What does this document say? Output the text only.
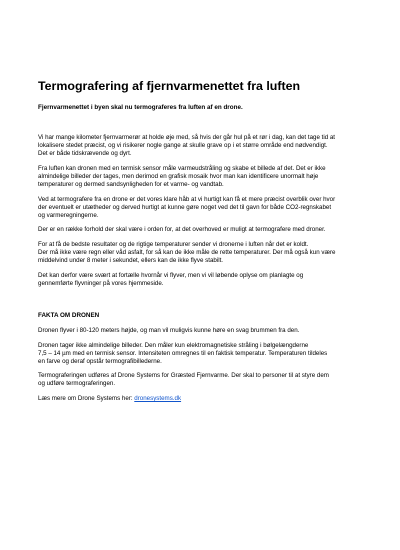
Termografering af fjernvarmenettet fra luften

Fjernvarmenettet i byen skal nu termograferes fra luften af en drone.

Vi har mange kilometer fjernvarmerør at holde øje med, så hvis der går hul på et rør i dag, kan det tage tid at
lokalisere stedet præcist, og vi risikerer nogle gange at skulle grave op i et større område end nødvendigt.
Det er både tidskrævende og dyrt.

Fra luften kan dronen med en termisk sensor måle varmeudstråling og skabe et billede af det. Det er ikke
almindelige billeder der tages, men derimod en grafisk mosaik hvor man kan identificere unormalt høje
temperaturer og dermed sandsynligheden for et varme- og vandtab.

Ved at termografere fra en drone er det vores klare håb at vi hurtigt kan få et mere præcist overblik over hvor
der eventuelt er utætheder og derved hurtigt at kunne gøre noget ved det til gavn for både CO2-regnskabet
og varmeregningerne.

Der er en række forhold der skal være i orden for, at det overhoved er muligt at termografere med droner.

For at få de bedste resultater og de rigtige temperaturer sender vi dronerne i luften når det er koldt.
Der må ikke være regn eller våd asfalt, for så kan de ikke måle de rette temperaturer. Der må også kun være
middelvind under 8 meter i sekundet, ellers kan de ikke flyve stabilt.

Det kan derfor være svært at fortælle hvornår vi flyver, men vi vil løbende oplyse om planlagte og
gennemførte flyvninger på vores hjemmeside.

FAKTA OM DRONEN

Dronen flyver i 80-120 meters højde, og man vil muligvis kunne høre en svag brummen fra den.

Dronen tager ikke almindelige billeder. Den måler kun elektromagnetiske stråling i bølgelængderne
7,5 – 14 µm med en termisk sensor. Intensiteten omregnes til en faktisk temperatur. Temperaturen tildeles
en farve og deraf opstår termografibillederne.

Termograferingen udføres af Drone Systems for Græsted Fjernvarme. Der skal to personer til at styre dem
og udføre termograferingen.

Læs mere om Drone Systems her: dronesystems.dk
